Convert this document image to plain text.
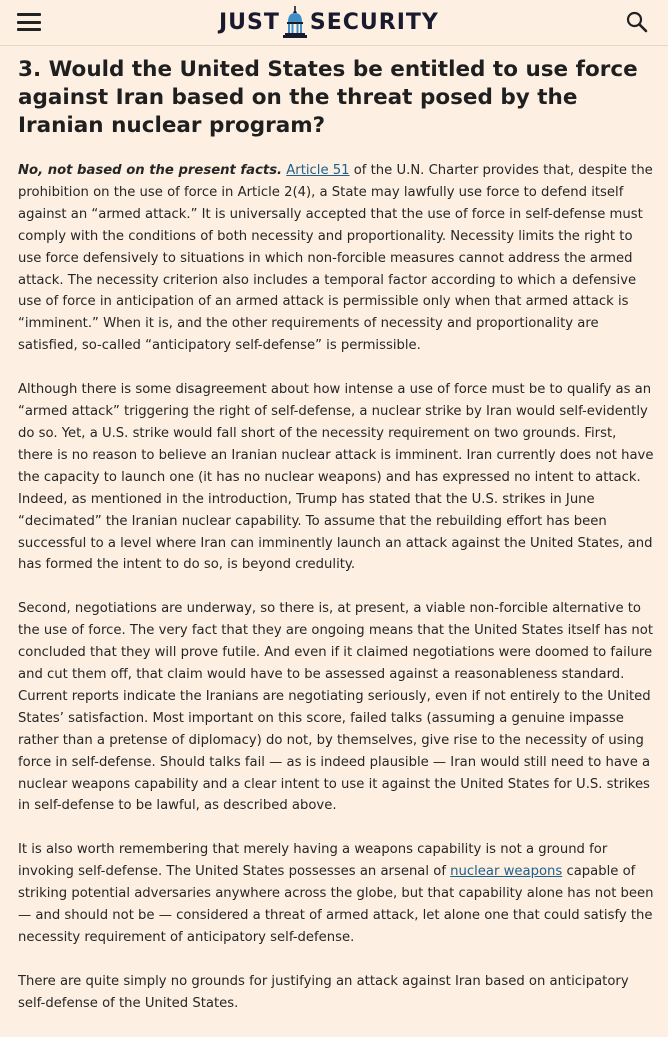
JUST SECURITY
3. Would the United States be entitled to use force against Iran based on the threat posed by the Iranian nuclear program?

No, not based on the present facts. Article 51 of the U.N. Charter provides that, despite the prohibition on the use of force in Article 2(4), a State may lawfully use force to defend itself against an “armed attack.” It is universally accepted that the use of force in self-defense must comply with the conditions of both necessity and proportionality. Necessity limits the right to use force defensively to situations in which non-forcible measures cannot address the armed attack. The necessity criterion also includes a temporal factor according to which a defensive use of force in anticipation of an armed attack is permissible only when that armed attack is “imminent.” When it is, and the other requirements of necessity and proportionality are satisfied, so-called “anticipatory self-defense” is permissible.

Although there is some disagreement about how intense a use of force must be to qualify as an “armed attack” triggering the right of self-defense, a nuclear strike by Iran would self-evidently do so. Yet, a U.S. strike would fall short of the necessity requirement on two grounds. First, there is no reason to believe an Iranian nuclear attack is imminent. Iran currently does not have the capacity to launch one (it has no nuclear weapons) and has expressed no intent to attack. Indeed, as mentioned in the introduction, Trump has stated that the U.S. strikes in June “decimated” the Iranian nuclear capability. To assume that the rebuilding effort has been successful to a level where Iran can imminently launch an attack against the United States, and has formed the intent to do so, is beyond credulity.

Second, negotiations are underway, so there is, at present, a viable non-forcible alternative to the use of force. The very fact that they are ongoing means that the United States itself has not concluded that they will prove futile. And even if it claimed negotiations were doomed to failure and cut them off, that claim would have to be assessed against a reasonableness standard. Current reports indicate the Iranians are negotiating seriously, even if not entirely to the United States’ satisfaction. Most important on this score, failed talks (assuming a genuine impasse rather than a pretense of diplomacy) do not, by themselves, give rise to the necessity of using force in self-defense. Should talks fail — as is indeed plausible — Iran would still need to have a nuclear weapons capability and a clear intent to use it against the United States for U.S. strikes in self-defense to be lawful, as described above.

It is also worth remembering that merely having a weapons capability is not a ground for invoking self-defense. The United States possesses an arsenal of nuclear weapons capable of striking potential adversaries anywhere across the globe, but that capability alone has not been — and should not be — considered a threat of armed attack, let alone one that could satisfy the necessity requirement of anticipatory self-defense.

There are quite simply no grounds for justifying an attack against Iran based on anticipatory self-defense of the United States.
